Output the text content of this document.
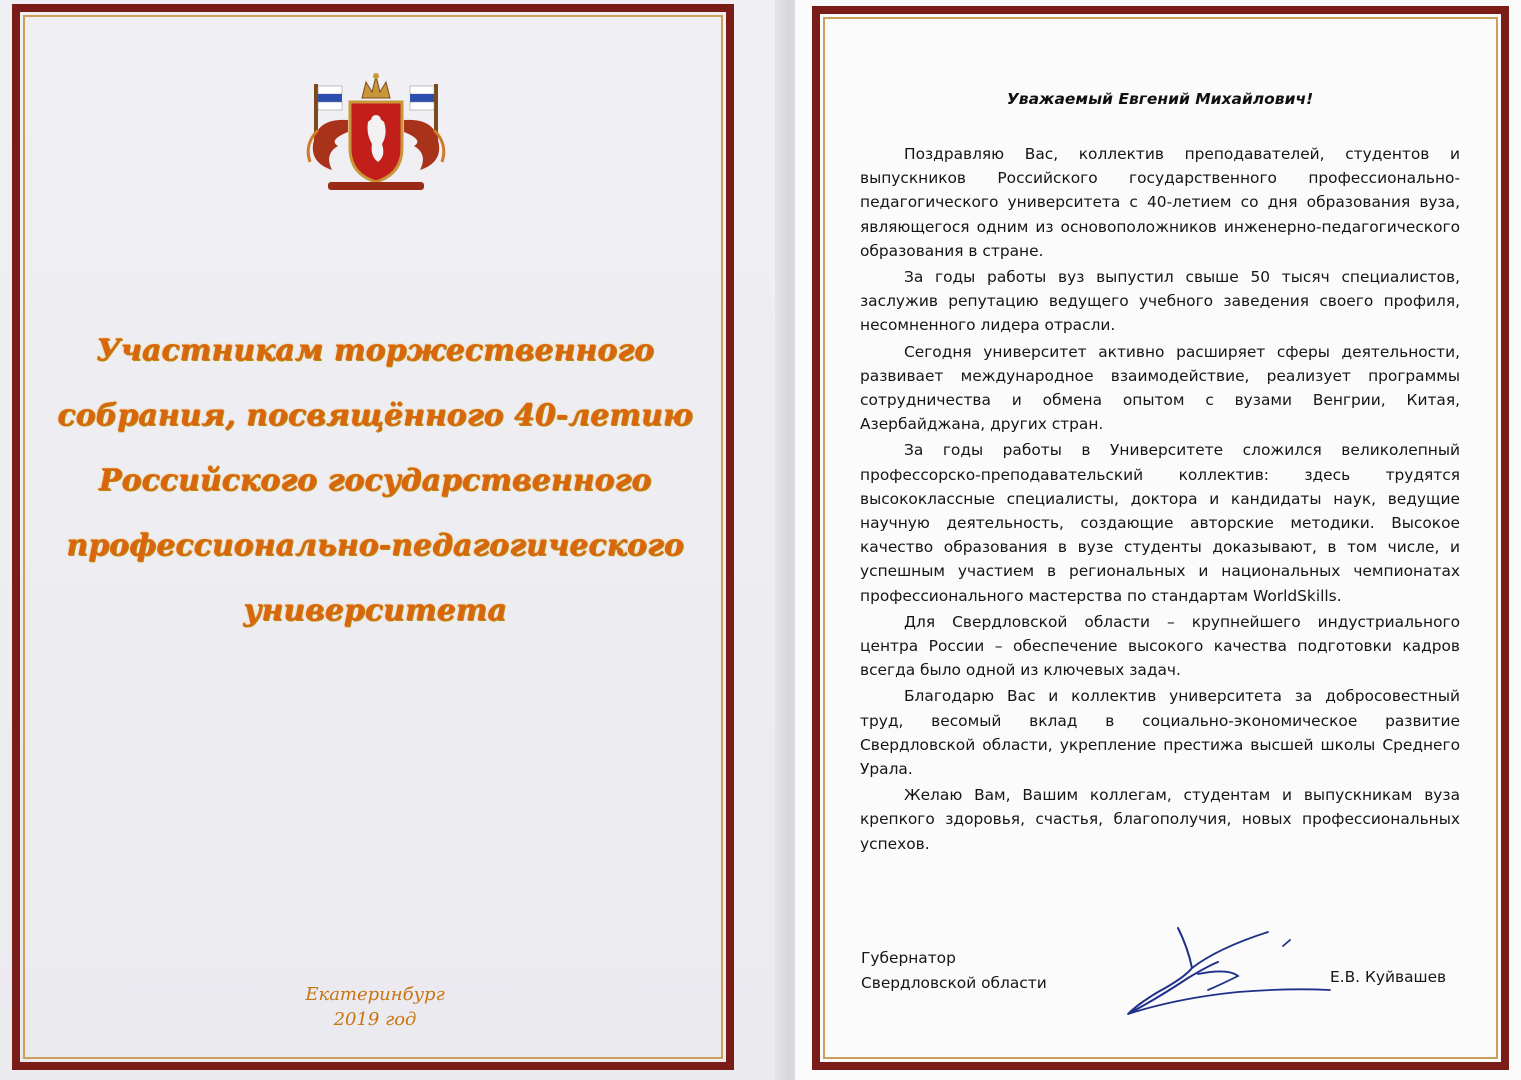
Участникам торжественного
собрания, посвящённого 40-летию
Российского государственного
профессионально-педагогического
университета
Екатеринбург
2019 год
Уважаемый Евгений Михайлович!

Поздравляю Вас, коллектив преподавателей, студентов и выпускников Российского государственного профессионально-педагогического университета с 40-летием со дня образования вуза, являющегося одним из основоположников инженерно-педагогического образования в стране.

За годы работы вуз выпустил свыше 50 тысяч специалистов, заслужив репутацию ведущего учебного заведения своего профиля, несомненного лидера отрасли.

Сегодня университет активно расширяет сферы деятельности, развивает международное взаимодействие, реализует программы сотрудничества и обмена опытом с вузами Венгрии, Китая, Азербайджана, других стран.

За годы работы в Университете сложился великолепный профессорско-преподавательский коллектив: здесь трудятся высококлассные специалисты, доктора и кандидаты наук, ведущие научную деятельность, создающие авторские методики. Высокое качество образования в вузе студенты доказывают, в том числе, и успешным участием в региональных и национальных чемпионатах профессионального мастерства по стандартам WorldSkills.

Для Свердловской области – крупнейшего индустриального центра России – обеспечение высокого качества подготовки кадров всегда было одной из ключевых задач.

Благодарю Вас и коллектив университета за добросовестный труд, весомый вклад в социально-экономическое развитие Свердловской области, укрепление престижа высшей школы Среднего Урала.

Желаю Вам, Вашим коллегам, студентам и выпускникам вуза крепкого здоровья, счастья, благополучия, новых профессиональных успехов.

Губернатор
Свердловской области	Е.В. Куйвашев
